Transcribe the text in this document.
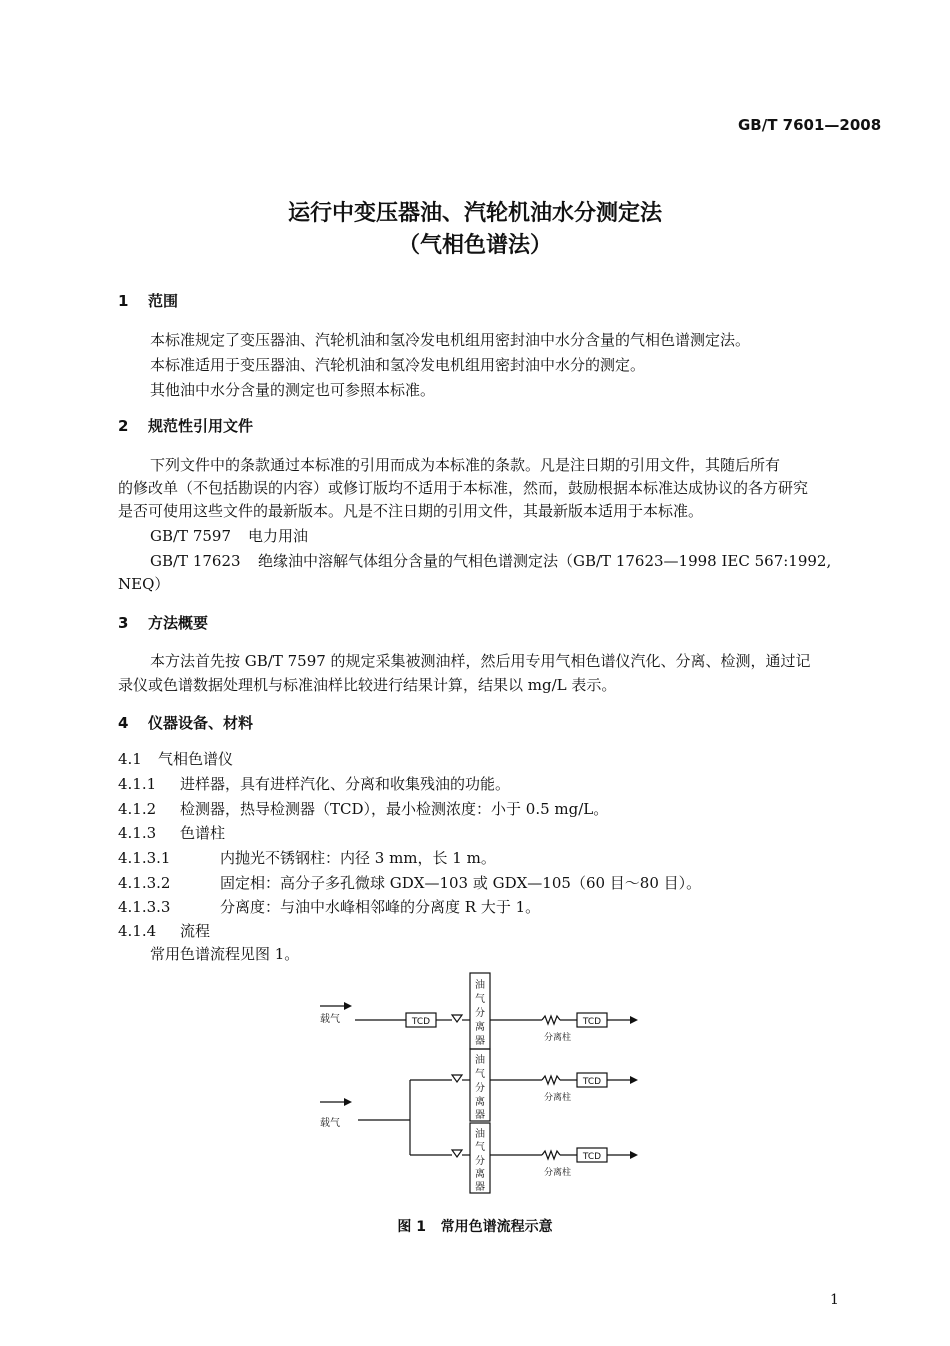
GB/T 7601—2008
运行中变压器油、汽轮机油水分测定法
（气相色谱法）
1 范围
本标准规定了变压器油、汽轮机油和氢冷发电机组用密封油中水分含量的气相色谱测定法。
本标准适用于变压器油、汽轮机油和氢冷发电机组用密封油中水分的测定。
其他油中水分含量的测定也可参照本标准。
2 规范性引用文件
下列文件中的条款通过本标准的引用而成为本标准的条款。凡是注日期的引用文件，其随后所有
的修改单（不包括勘误的内容）或修订版均不适用于本标准，然而，鼓励根据本标准达成协议的各方研究
是否可使用这些文件的最新版本。凡是不注日期的引用文件，其最新版本适用于本标准。
GB/T 7597 电力用油
GB/T 17623 绝缘油中溶解气体组分含量的气相色谱测定法（GB/T 17623—1998 IEC 567:1992,
NEQ）
3 方法概要
本方法首先按 GB/T 7597 的规定采集被测油样，然后用专用气相色谱仪汽化、分离、检测，通过记
录仪或色谱数据处理机与标准油样比较进行结果计算，结果以 mg/L 表示。
4 仪器设备、材料
4.1 气相色谱仪
4.1.1 进样器，具有进样汽化、分离和收集残油的功能。
4.1.2 检测器，热导检测器（TCD），最小检测浓度：小于 0.5 mg/L。
4.1.3 色谱柱
4.1.3.1	内抛光不锈钢柱：内径 3 mm，长 1 m。
4.1.3.2	固定相：高分子多孔微球 GDX—103 或 GDX—105（60 目～80 目）。
4.1.3.3	分离度：与油中水峰相邻峰的分离度 R 大于 1。
4.1.4 流程
常用色谱流程见图 1。
载气
载气
TCD	TCD
TCD
TCD
分离柱
分离柱
分离柱
油
气
分
离
器
油
气
分
离
器
油
气
分
离
器
图 1 常用色谱流程示意
1
